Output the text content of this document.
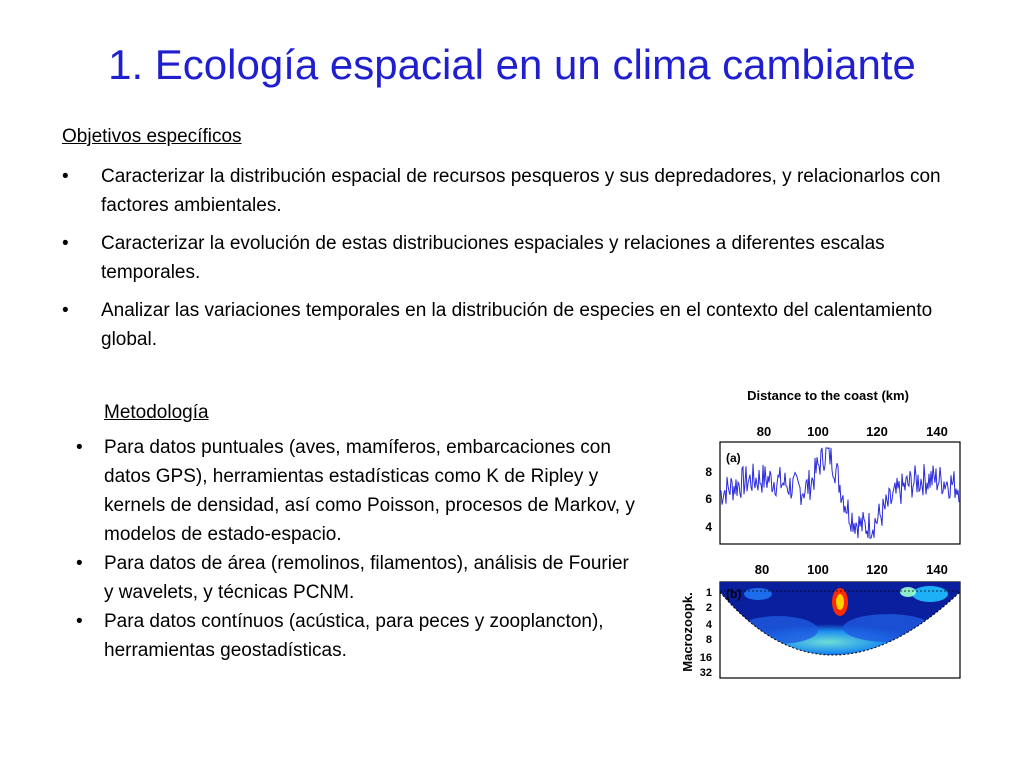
1. Ecología espacial en un clima cambiante
Objetivos específicos
• Caracterizar la distribución espacial de recursos pesqueros y sus depredadores, y relacionarlos con factores ambientales.
• Caracterizar la evolución de estas distribuciones espaciales y relaciones a diferentes escalas temporales.
• Analizar las variaciones temporales en la distribución de especies en el contexto del calentamiento global.
Metodología
• Para datos puntuales (aves, mamíferos, embarcaciones con datos GPS), herramientas estadísticas como K de Ripley y kernels de densidad, así como Poisson, procesos de Markov, y modelos de estado-espacio.
• Para datos de área (remolinos, filamentos), análisis de Fourier y wavelets, y técnicas PCNM.
• Para datos contínuos (acústica, para peces y zooplancton), herramientas geostadísticas.
Distance to the coast (km)
80	100	120	140
(a)
8
6
4
Macrozoopk.
80	100	120	140
(b)
1
2
4
8
16
32
